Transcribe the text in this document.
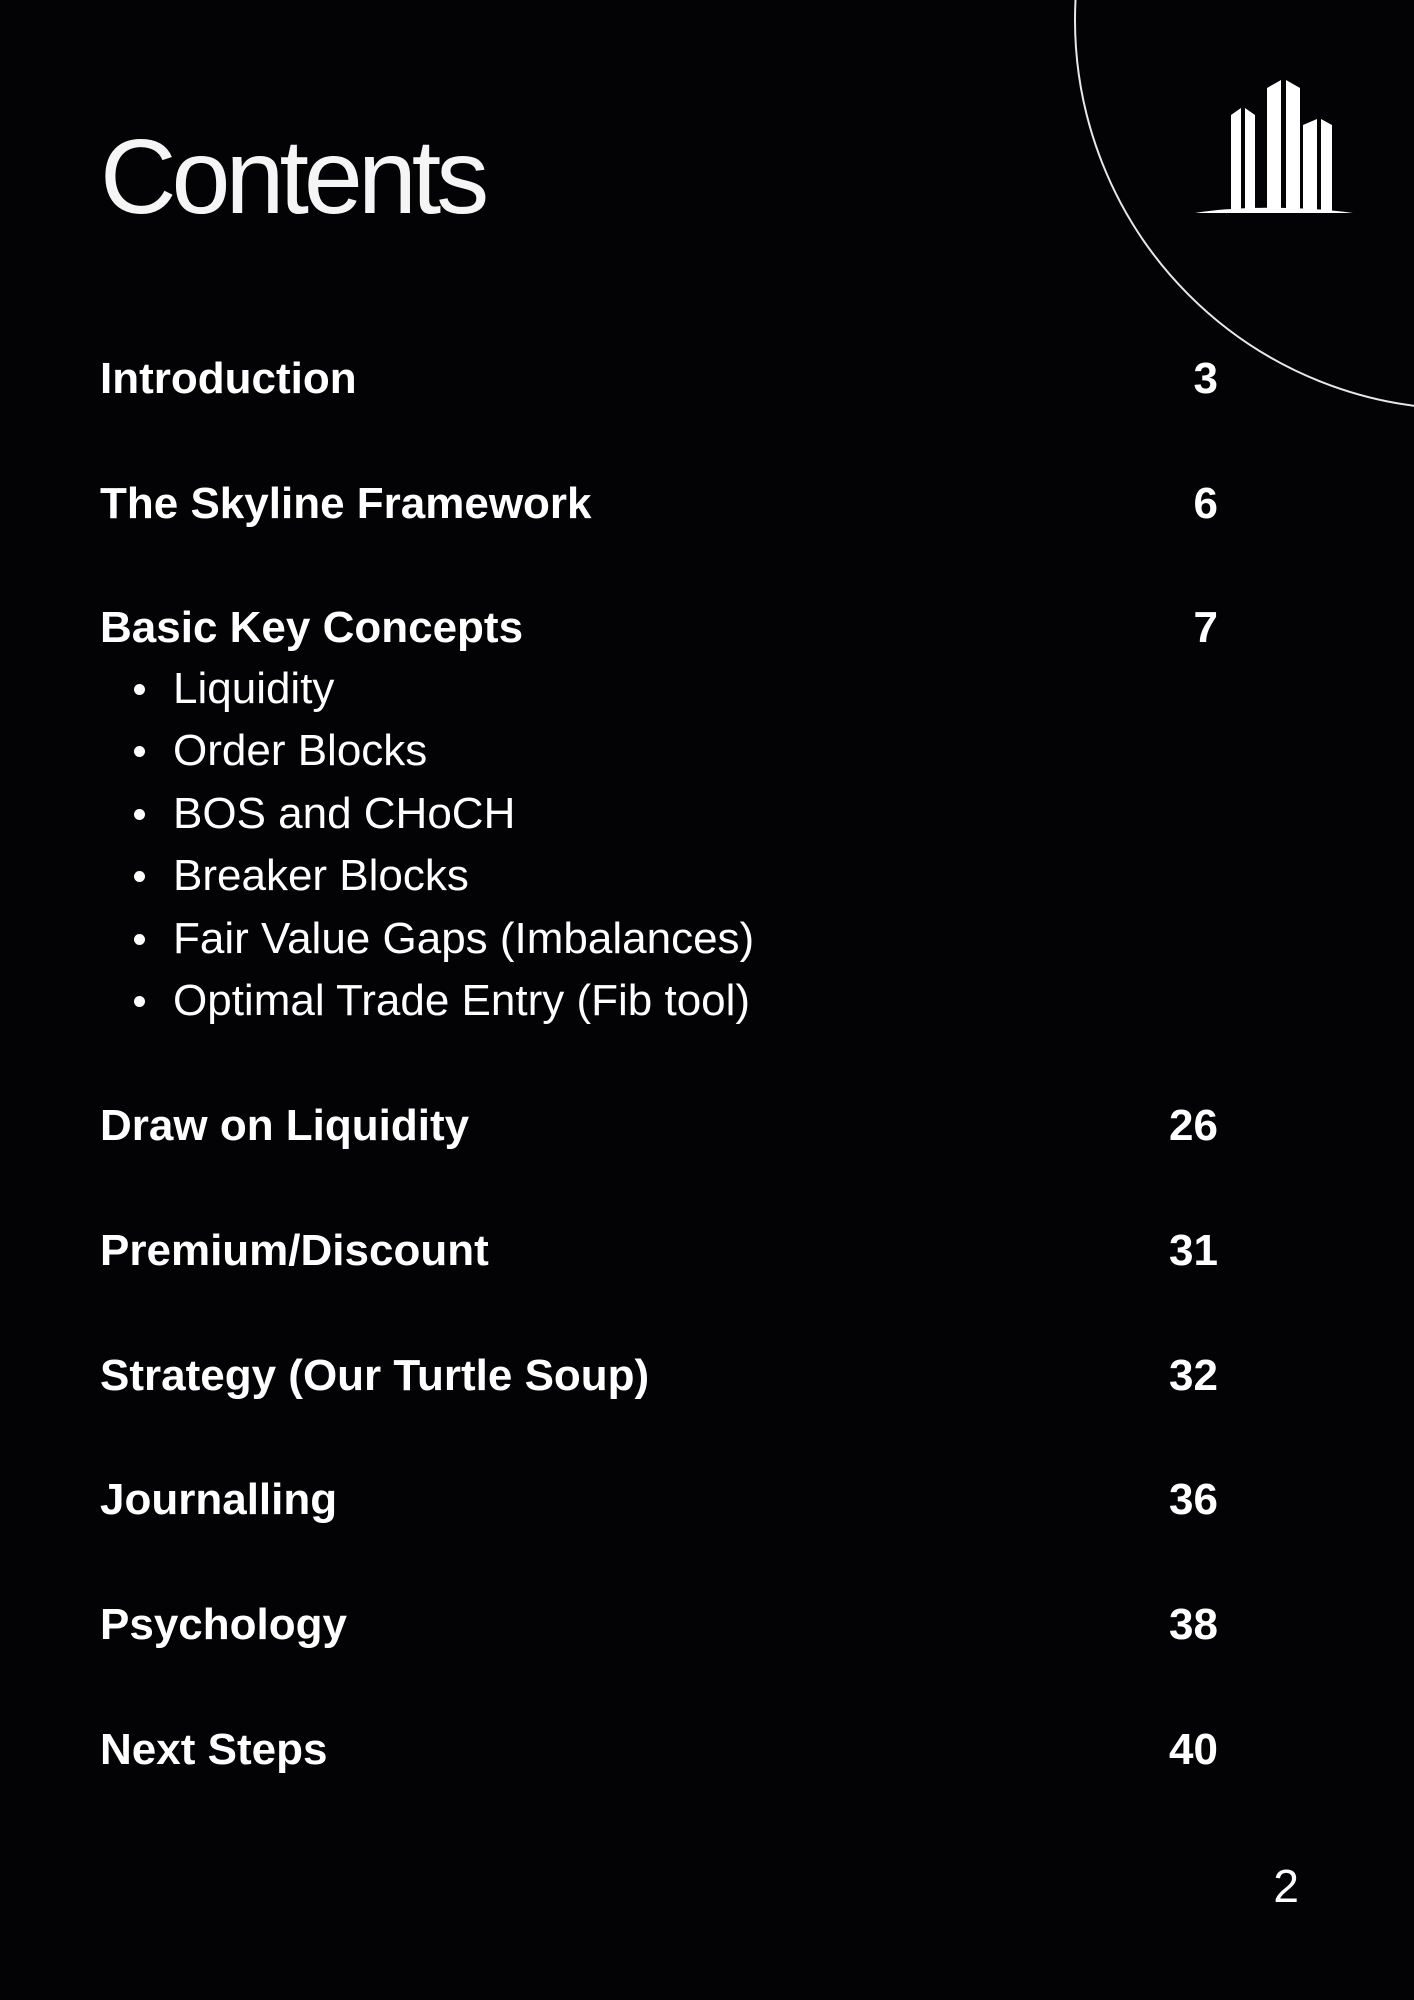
Contents
Introduction	3
The Skyline Framework	6
Basic Key Concepts	7
Liquidity
Order Blocks
BOS and CHoCH
Breaker Blocks
Fair Value Gaps (Imbalances)
Optimal Trade Entry (Fib tool)
Draw on Liquidity	26
Premium/Discount	31
Strategy (Our Turtle Soup)	32
Journalling	36
Psychology	38
Next Steps	40
2
